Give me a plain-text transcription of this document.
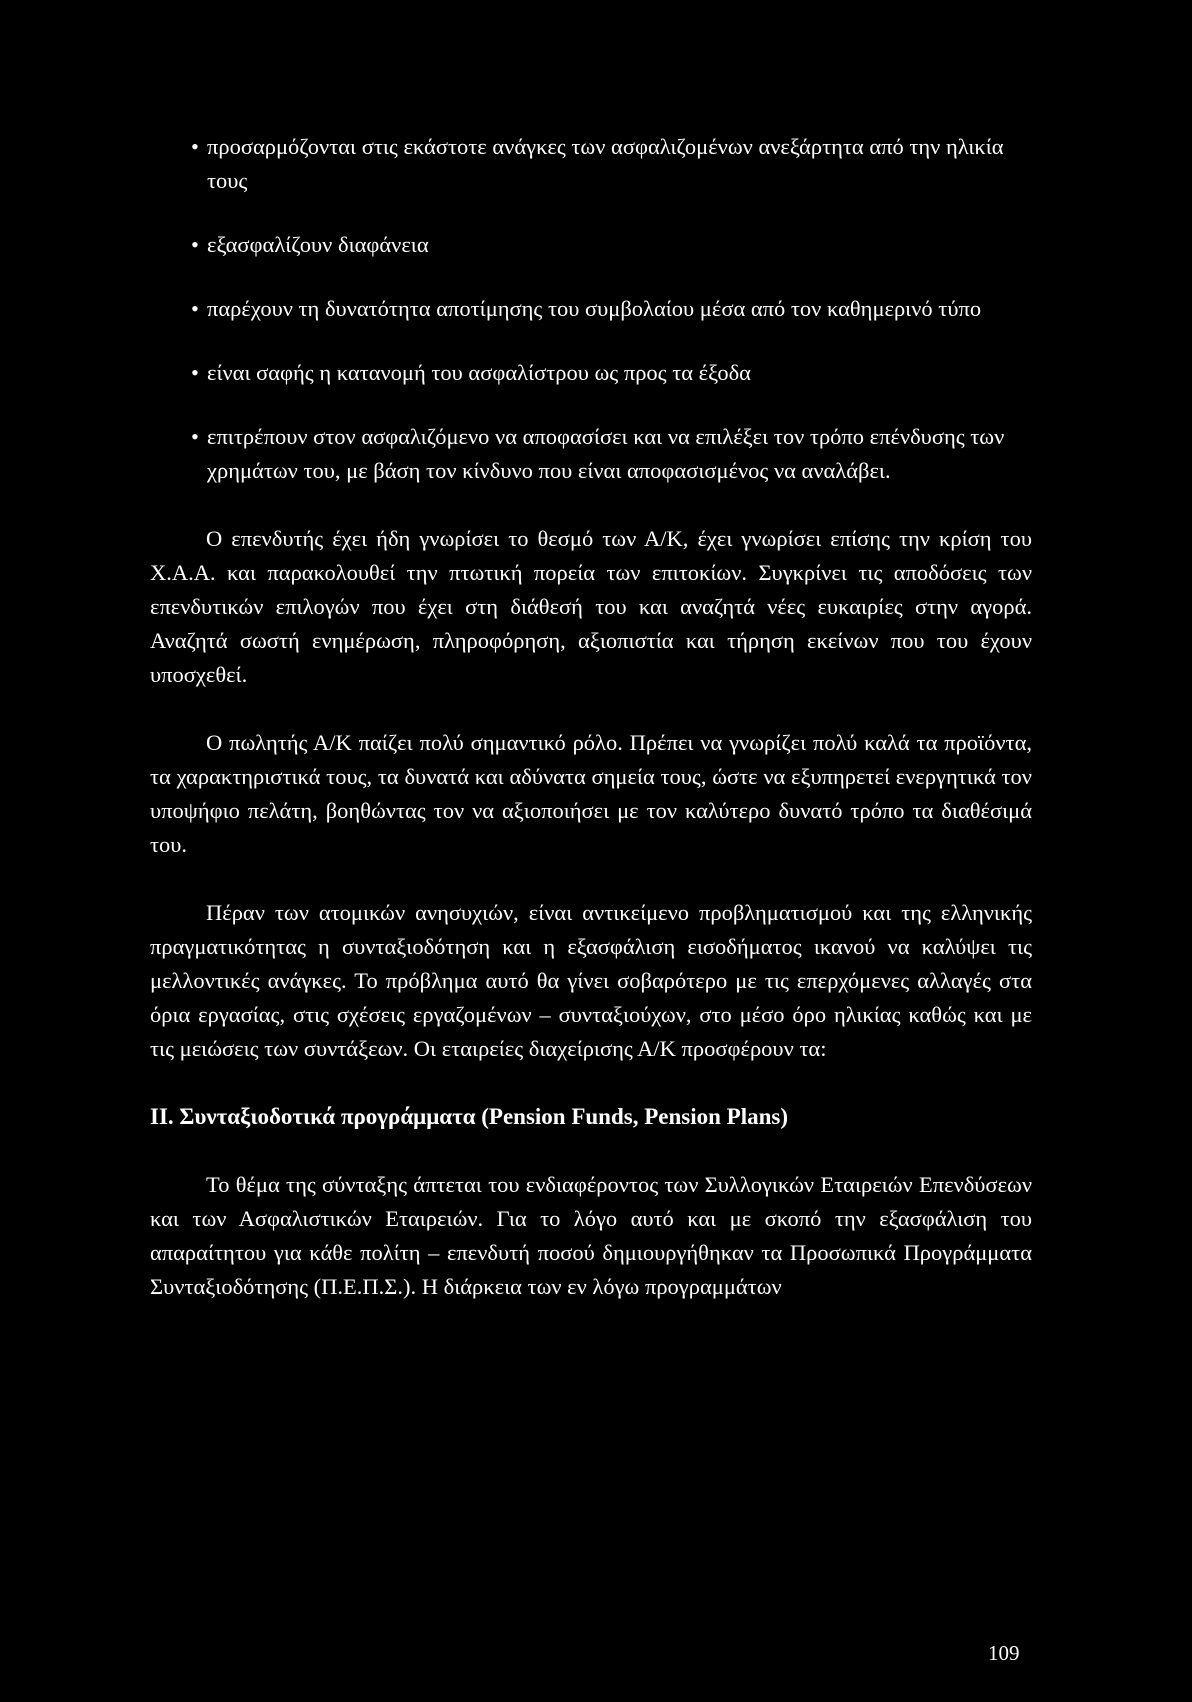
• προσαρμόζονται στις εκάστοτε ανάγκες των ασφαλιζομένων ανεξάρτητα από την ηλικία τους
• εξασφαλίζουν διαφάνεια
• παρέχουν τη δυνατότητα αποτίμησης του συμβολαίου μέσα από τον καθημερινό τύπο
• είναι σαφής η κατανομή του ασφαλίστρου ως προς τα έξοδα
• επιτρέπουν στον ασφαλιζόμενο να αποφασίσει και να επιλέξει τον τρόπο επένδυσης των χρημάτων του, με βάση τον κίνδυνο που είναι αποφασισμένος να αναλάβει.

Ο επενδυτής έχει ήδη γνωρίσει το θεσμό των Α/Κ, έχει γνωρίσει επίσης την κρίση του Χ.Α.Α. και παρακολουθεί την πτωτική πορεία των επιτοκίων. Συγκρίνει τις αποδόσεις των επενδυτικών επιλογών που έχει στη διάθεσή του και αναζητά νέες ευκαιρίες στην αγορά. Αναζητά σωστή ενημέρωση, πληροφόρηση, αξιοπιστία και τήρηση εκείνων που του έχουν υποσχεθεί.

Ο πωλητής Α/Κ παίζει πολύ σημαντικό ρόλο. Πρέπει να γνωρίζει πολύ καλά τα προϊόντα, τα χαρακτηριστικά τους, τα δυνατά και αδύνατα σημεία τους, ώστε να εξυπηρετεί ενεργητικά τον υποψήφιο πελάτη, βοηθώντας τον να αξιοποιήσει με τον καλύτερο δυνατό τρόπο τα διαθέσιμά του.

Πέραν των ατομικών ανησυχιών, είναι αντικείμενο προβληματισμού και της ελληνικής πραγματικότητας η συνταξιοδότηση και η εξασφάλιση εισοδήματος ικανού να καλύψει τις μελλοντικές ανάγκες. Το πρόβλημα αυτό θα γίνει σοβαρότερο με τις επερχόμενες αλλαγές στα όρια εργασίας, στις σχέσεις εργαζομένων – συνταξιούχων, στο μέσο όρο ηλικίας καθώς και με τις μειώσεις των συντάξεων. Οι εταιρείες διαχείρισης Α/Κ προσφέρουν τα:

ΙΙ. Συνταξιοδοτικά προγράμματα (Pension Funds, Pension Plans)

Το θέμα της σύνταξης άπτεται του ενδιαφέροντος των Συλλογικών Εταιρειών Επενδύσεων και των Ασφαλιστικών Εταιρειών. Για το λόγο αυτό και με σκοπό την εξασφάλιση του απαραίτητου για κάθε πολίτη – επενδυτή ποσού δημιουργήθηκαν τα Προσωπικά Προγράμματα Συνταξιοδότησης (Π.Ε.Π.Σ.). Η διάρκεια των εν λόγω προγραμμάτων

109
